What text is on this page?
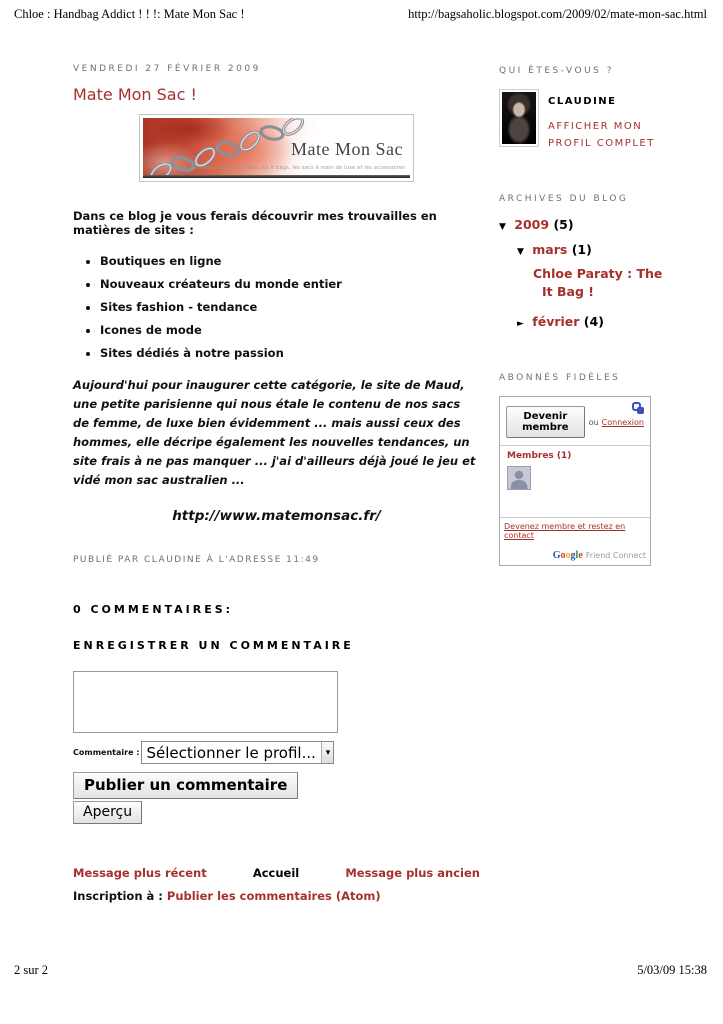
Chloe : Handbag Addict ! ! !: Mate Mon Sac !	http://bagsaholic.blogspot.com/2009/02/mate-mon-sac.html
VENDREDI 27 FÉVRIER 2009
Mate Mon Sac !
Mate Mon Sac
une parisienne aimant le luxe, les it bags, les sacs à main de luxe et les accessoires

Dans ce blog je vous ferais découvrir mes trouvailles en matières de sites :

• Boutiques en ligne
• Nouveaux créateurs du monde entier
• Sites fashion - tendance
• Icones de mode
• Sites dédiés à notre passion

Aujourd'hui pour inaugurer cette catégorie, le site de Maud, une petite parisienne qui nous étale le contenu de nos sacs de femme, de luxe bien évidemment ... mais aussi ceux des hommes, elle décripe également les nouvelles tendances, un site frais à ne pas manquer ... j'ai d'ailleurs déjà joué le jeu et vidé mon sac australien ...

http://www.matemonsac.fr/

PUBLIÉ PAR CLAUDINE À L'ADRESSE 11:49
0 COMMENTAIRES:
ENREGISTRER UN COMMENTAIRE
Commentaire : Sélectionner le profil...	▾
Publier un commentaire
Aperçu
Message plus récent	Accueil	Message plus ancien
Inscription à : Publier les commentaires (Atom)
QUI ÊTES-VOUS ?
CLAUDINE
AFFICHER MON
PROFIL COMPLET
ARCHIVES DU BLOG
▼ 2009 (5)
▼ mars (1)
Chloe Paraty : The
It Bag !
► février (4)
ABONNÉS FIDÈLES
Devenir membre	ou Connexion
Membres (1)
Devenez membre et restez en contact
Google Friend Connect
2 sur 2	5/03/09 15:38
